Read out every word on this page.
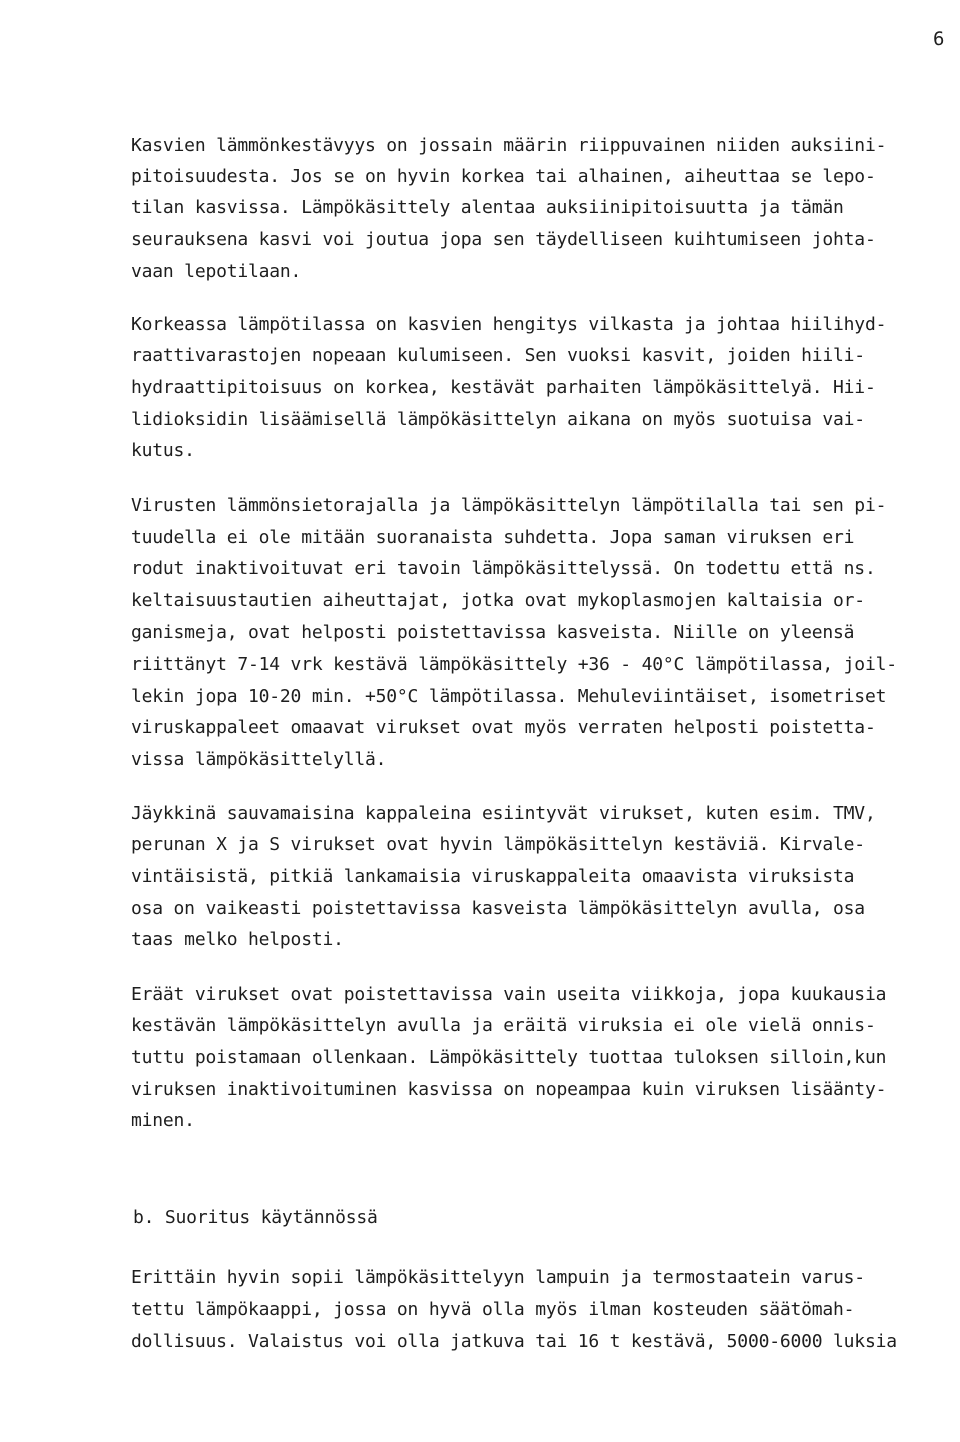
6
Kasvien lämmönkestävyys on jossain määrin riippuvainen niiden auksiini-
pitoisuudesta. Jos se on hyvin korkea tai alhainen, aiheuttaa se lepo-
tilan kasvissa. Lämpökäsittely alentaa auksiinipitoisuutta ja tämän
seurauksena kasvi voi joutua jopa sen täydelliseen kuihtumiseen johta-
vaan lepotilaan.
Korkeassa lämpötilassa on kasvien hengitys vilkasta ja johtaa hiilihyd-
raattivarastojen nopeaan kulumiseen. Sen vuoksi kasvit, joiden hiili-
hydraattipitoisuus on korkea, kestävät parhaiten lämpökäsittelyä. Hii-
lidioksidin lisäämisellä lämpökäsittelyn aikana on myös suotuisa vai-
kutus.
Virusten lämmönsietorajalla ja lämpökäsittelyn lämpötilalla tai sen pi-
tuudella ei ole mitään suoranaista suhdetta. Jopa saman viruksen eri
rodut inaktivoituvat eri tavoin lämpökäsittelyssä. On todettu että ns.
keltaisuustautien aiheuttajat, jotka ovat mykoplasmojen kaltaisia or-
ganismeja, ovat helposti poistettavissa kasveista. Niille on yleensä
riittänyt 7-14 vrk kestävä lämpökäsittely +36 - 40°C lämpötilassa, joil-
lekin jopa 10-20 min. +50°C lämpötilassa. Mehuleviintäiset, isometriset
viruskappaleet omaavat virukset ovat myös verraten helposti poistetta-
vissa lämpökäsittelyllä.
Jäykkinä sauvamaisina kappaleina esiintyvät virukset, kuten esim. TMV,
perunan X ja S virukset ovat hyvin lämpökäsittelyn kestäviä. Kirvale-
vintäisistä, pitkiä lankamaisia viruskappaleita omaavista viruksista
osa on vaikeasti poistettavissa kasveista lämpökäsittelyn avulla, osa
taas melko helposti.
Eräät virukset ovat poistettavissa vain useita viikkoja, jopa kuukausia
kestävän lämpökäsittelyn avulla ja eräitä viruksia ei ole vielä onnis-
tuttu poistamaan ollenkaan. Lämpökäsittely tuottaa tuloksen silloin,kun
viruksen inaktivoituminen kasvissa on nopeampaa kuin viruksen lisäänty-
minen.
b. Suoritus käytännössä
Erittäin hyvin sopii lämpökäsittelyyn lampuin ja termostaatein varus-
tettu lämpökaappi, jossa on hyvä olla myös ilman kosteuden säätömah-
dollisuus. Valaistus voi olla jatkuva tai 16 t kestävä, 5000-6000 luksia
